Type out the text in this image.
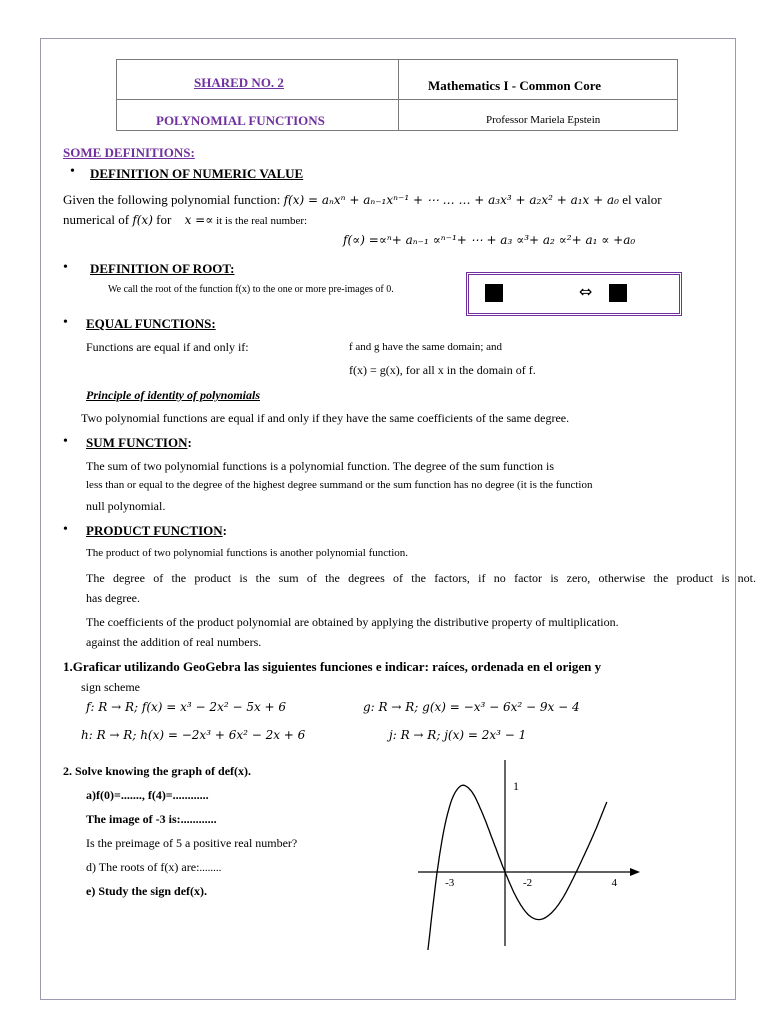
SHARED NO. 2	Mathematics I - Common Core
POLYNOMIAL FUNCTIONS	Professor Mariela Epstein
SOME DEFINITIONS:
• DEFINITION OF NUMERIC VALUE
Given the following polynomial function: f(x) = aₙxⁿ + aₙ₋₁xⁿ⁻¹ + ⋯ … … + a₃x³ + a₂x² + a₁x + a₀ el valor
numerical of f(x) for x =∝ it is the real number:
f(∝) =∝ⁿ+ aₙ₋₁ ∝ⁿ⁻¹+ ⋯ + a₃ ∝³+ a₂ ∝²+ a₁ ∝ +a₀
• DEFINITION OF ROOT:
We call the root of the function f(x) to the one or more pre-images of 0.	⇔
• EQUAL FUNCTIONS:
Functions are equal if and only if:	f and g have the same domain; and
f(x) = g(x), for all x in the domain of f.
Principle of identity of polynomials
Two polynomial functions are equal if and only if they have the same coefficients of the same degree.
• SUM FUNCTION:
The sum of two polynomial functions is a polynomial function. The degree of the sum function is
less than or equal to the degree of the highest degree summand or the sum function has no degree (it is the function
null polynomial.
• PRODUCT FUNCTION:
The product of two polynomial functions is another polynomial function.
The degree of the product is the sum of the degrees of the factors, if no factor is zero, otherwise the product is not.
has degree.
The coefficients of the product polynomial are obtained by applying the distributive property of multiplication.
against the addition of real numbers.
1.Graficar utilizando GeoGebra las siguientes funciones e indicar: raíces, ordenada en el origen y
sign scheme
f: R → R; f(x) = x³ − 2x² − 5x + 6	g: R → R; g(x) = −x³ − 6x² − 9x − 4
h: R → R; h(x) = −2x³ + 6x² − 2x + 6	j: R → R; j(x) = 2x³ − 1
2. Solve knowing the graph of def(x).
a)f(0)=......., f(4)=............
The image of -3 is:............
Is the preimage of 5 a positive real number?
d) The roots of f(x) are:........
e) Study the sign def(x).
-3	-2	4
1
